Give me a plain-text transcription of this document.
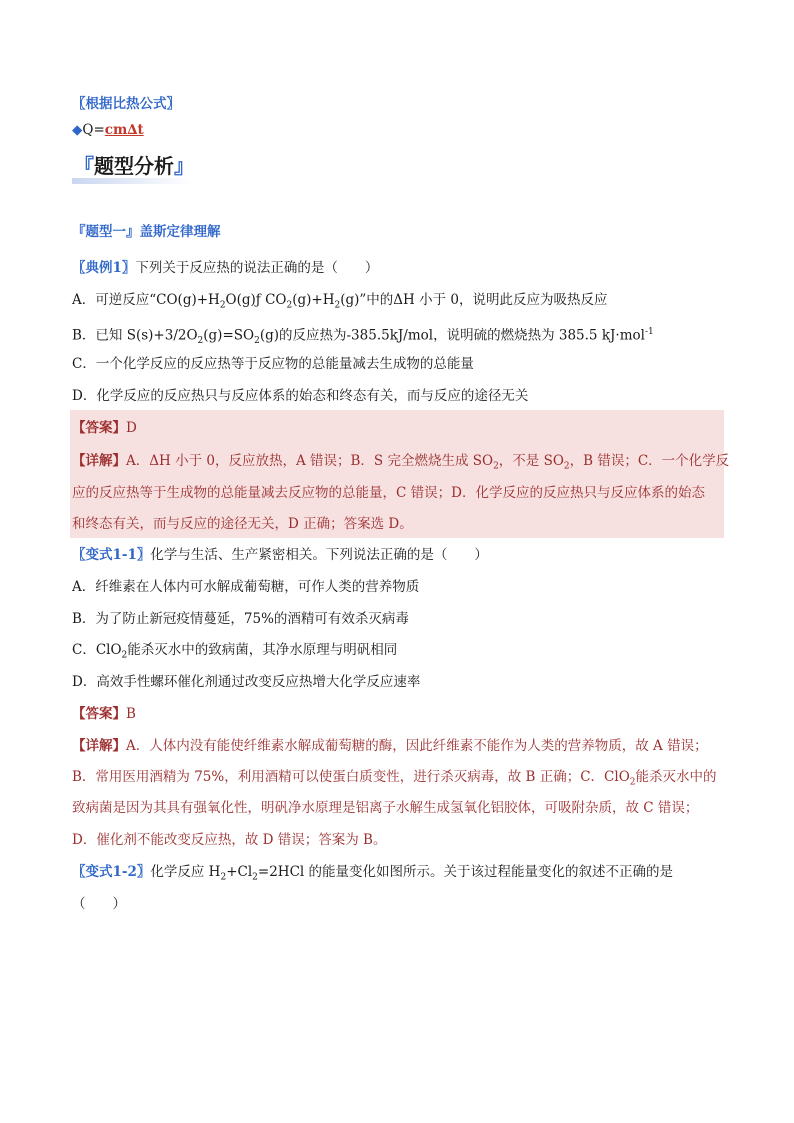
〖根据比热公式〗
◆Q=cm∆t
『题型分析』
『题型一』盖斯定律理解
〖典例1〗下列关于反应热的说法正确的是（　　）
A．可逆反应“$CO(g)+H_2O(g)ƒ$ $CO_2(g)+H_2(g)$”中的ΔH 小于 0，说明此反应为吸热反应
B．已知 $S(s)+3/2O_2(g)=SO_2(g)$的反应热为-385.5kJ/mol，说明硫的燃烧热为 385.5 kJ·mol$^{-1}$
C．一个化学反应的反应热等于反应物的总能量减去生成物的总能量
D．化学反应的反应热只与反应体系的始态和终态有关，而与反应的途径无关
【答案】D
【详解】A．ΔH 小于 0，反应放热，A 错误；B．S 完全燃烧生成 $SO_2$，不是 $SO_2$，B 错误；C．一个化学反
应的反应热等于生成物的总能量减去反应物的总能量，C 错误；D．化学反应的反应热只与反应体系的始态
和终态有关，而与反应的途径无关，D 正确；答案选 D。
〖变式1-1〗化学与生活、生产紧密相关。下列说法正确的是（　　）
A．纤维素在人体内可水解成葡萄糖，可作人类的营养物质
B．为了防止新冠疫情蔓延，75%的酒精可有效杀灭病毒
C．ClO$_2$能杀灭水中的致病菌，其净水原理与明矾相同
D．高效手性螺环催化剂通过改变反应热增大化学反应速率
【答案】B
【详解】A．人体内没有能使纤维素水解成葡萄糖的酶，因此纤维素不能作为人类的营养物质，故 A 错误；
B．常用医用酒精为 75%，利用酒精可以使蛋白质变性，进行杀灭病毒，故 B 正确；C．ClO$_2$能杀灭水中的
致病菌是因为其具有强氧化性，明矾净水原理是铝离子水解生成氢氧化铝胶体，可吸附杂质，故 C 错误；
D．催化剂不能改变反应热，故 D 错误；答案为 B。
〖变式1-2〗化学反应 $H_2+Cl_2=2HCl$ 的能量变化如图所示。关于该过程能量变化的叙述不正确的是
（　　）
